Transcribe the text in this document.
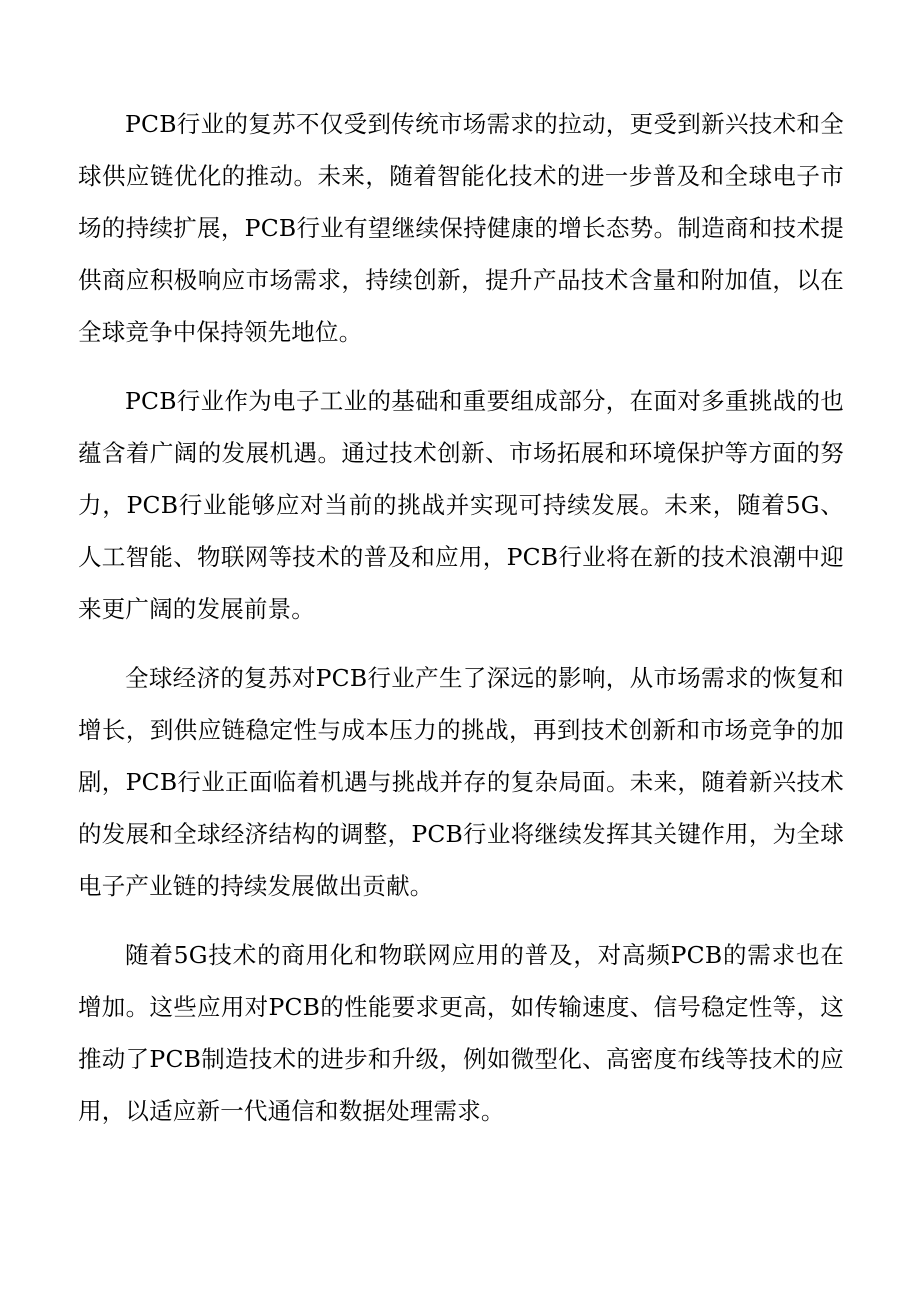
PCB行业的复苏不仅受到传统市场需求的拉动，更受到新兴技术和全球供应链优化的推动。未来，随着智能化技术的进一步普及和全球电子市场的持续扩展，PCB行业有望继续保持健康的增长态势。制造商和技术提供商应积极响应市场需求，持续创新，提升产品技术含量和附加值，以在全球竞争中保持领先地位。

PCB行业作为电子工业的基础和重要组成部分，在面对多重挑战的也蕴含着广阔的发展机遇。通过技术创新、市场拓展和环境保护等方面的努力，PCB行业能够应对当前的挑战并实现可持续发展。未来，随着5G、人工智能、物联网等技术的普及和应用，PCB行业将在新的技术浪潮中迎来更广阔的发展前景。

全球经济的复苏对PCB行业产生了深远的影响，从市场需求的恢复和增长，到供应链稳定性与成本压力的挑战，再到技术创新和市场竞争的加剧，PCB行业正面临着机遇与挑战并存的复杂局面。未来，随着新兴技术的发展和全球经济结构的调整，PCB行业将继续发挥其关键作用，为全球电子产业链的持续发展做出贡献。

随着5G技术的商用化和物联网应用的普及，对高频PCB的需求也在增加。这些应用对PCB的性能要求更高，如传输速度、信号稳定性等，这推动了PCB制造技术的进步和升级，例如微型化、高密度布线等技术的应用，以适应新一代通信和数据处理需求。
